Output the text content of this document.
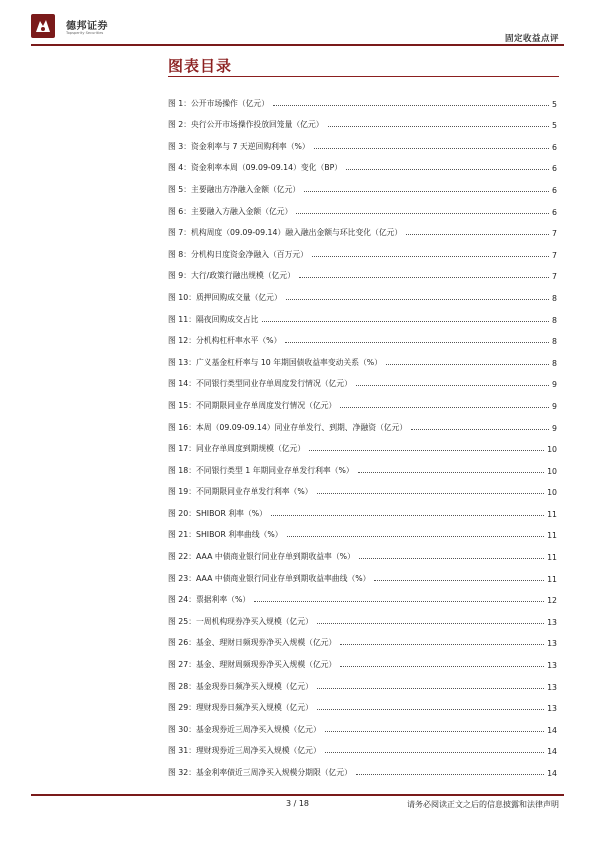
德邦证券
Topsperity Securities
固定收益点评
图表目录
图 1：公开市场操作（亿元）	5
图 2：央行公开市场操作投放回笼量（亿元）	5
图 3：资金利率与 7 天逆回购利率（%）	6
图 4：资金利率本周（09.09-09.14）变化（BP）	6
图 5：主要融出方净融入金额（亿元）	6
图 6：主要融入方融入金额（亿元）	6
图 7：机构周度（09.09-09.14）融入融出金额与环比变化（亿元）	7
图 8：分机构日度资金净融入（百万元）	7
图 9：大行/政策行融出规模（亿元）	7
图 10：质押回购成交量（亿元）	8
图 11：隔夜回购成交占比	8
图 12：分机构杠杆率水平（%）	8
图 13：广义基金杠杆率与 10 年期国债收益率变动关系（%）	8
图 14：不同银行类型同业存单周度发行情况（亿元）	9
图 15：不同期限同业存单周度发行情况（亿元）	9
图 16：本周（09.09-09.14）同业存单发行、到期、净融资（亿元）	9
图 17：同业存单周度到期规模（亿元）	10
图 18：不同银行类型 1 年期同业存单发行利率（%）	10
图 19：不同期限同业存单发行利率（%）	10
图 20：SHIBOR 利率（%）	11
图 21：SHIBOR 利率曲线（%）	11
图 22：AAA 中债商业银行同业存单到期收益率（%）	11
图 23：AAA 中债商业银行同业存单到期收益率曲线（%）	11
图 24：票据利率（%）	12
图 25：一周机构现券净买入规模（亿元）	13
图 26：基金、理财日频现券净买入规模（亿元）	13
图 27：基金、理财周频现券净买入规模（亿元）	13
图 28：基金现券日频净买入规模（亿元）	13
图 29：理财现券日频净买入规模（亿元）	13
图 30：基金现券近三周净买入规模（亿元）	14
图 31：理财现券近三周净买入规模（亿元）	14
图 32：基金利率债近三周净买入规模分期限（亿元）	14
3 / 18	请务必阅读正文之后的信息披露和法律声明
